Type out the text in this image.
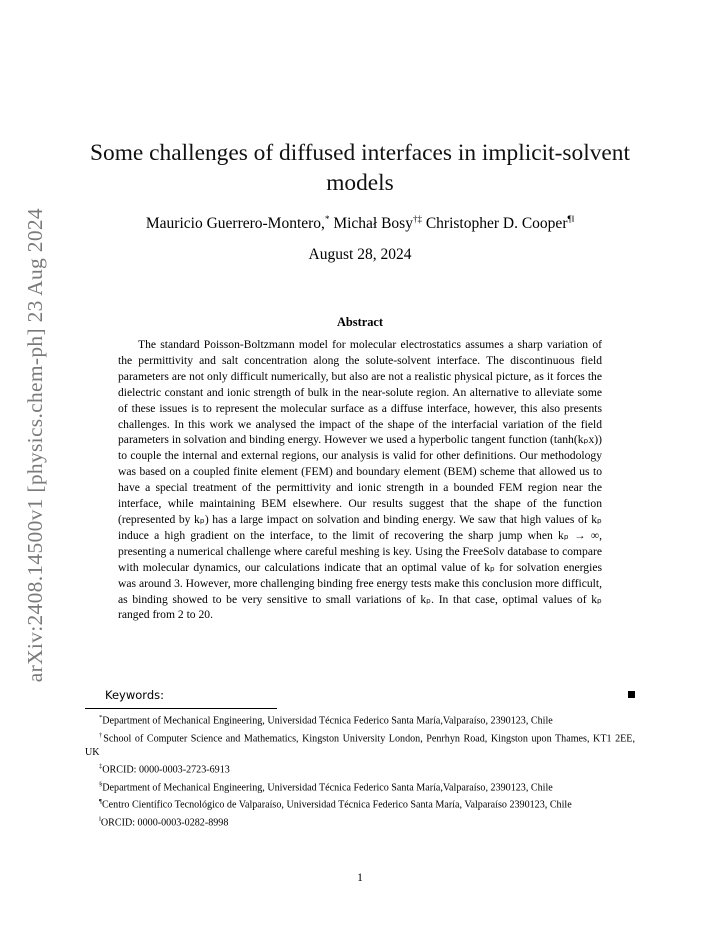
arXiv:2408.14500v1 [physics.chem-ph] 23 Aug 2024
Some challenges of diffused interfaces in implicit-solvent
models
Mauricio Guerrero-Montero,* Michał Bosy†‡ Christopher D. Cooper¶‖
August 28, 2024
Abstract
The standard Poisson-Boltzmann model for molecular electrostatics assumes a sharp variation of the permittivity and salt concentration along the solute-solvent interface. The discontinuous field parameters are not only difficult numerically, but also are not a realistic physical picture, as it forces the dielectric constant and ionic strength of bulk in the near-solute region. An alternative to alleviate some of these issues is to represent the molecular surface as a diffuse interface, however, this also presents challenges. In this work we analysed the impact of the shape of the interfacial variation of the field parameters in solvation and binding energy. However we used a hyperbolic tangent function (tanh(kₚx)) to couple the internal and external regions, our analysis is valid for other definitions. Our methodology was based on a coupled finite element (FEM) and boundary element (BEM) scheme that allowed us to have a special treatment of the permittivity and ionic strength in a bounded FEM region near the interface, while maintaining BEM elsewhere. Our results suggest that the shape of the function (represented by kₚ) has a large impact on solvation and binding energy. We saw that high values of kₚ induce a high gradient on the interface, to the limit of recovering the sharp jump when kₚ → ∞, presenting a numerical challenge where careful meshing is key. Using the FreeSolv database to compare with molecular dynamics, our calculations indicate that an optimal value of kₚ for solvation energies was around 3. However, more challenging binding free energy tests make this conclusion more difficult, as binding showed to be very sensitive to small variations of kₚ. In that case, optimal values of kₚ ranged from 2 to 20.
Keywords:
*Department of Mechanical Engineering, Universidad Técnica Federico Santa María,Valparaíso, 2390123, Chile
†School of Computer Science and Mathematics, Kingston University London, Penrhyn Road, Kingston upon Thames, KT1 2EE, UK
‡ORCID: 0000-0003-2723-6913
§Department of Mechanical Engineering, Universidad Técnica Federico Santa María,Valparaíso, 2390123, Chile
¶Centro Científico Tecnológico de Valparaíso, Universidad Técnica Federico Santa María, Valparaíso 2390123, Chile
‖ORCID: 0000-0003-0282-8998
1
